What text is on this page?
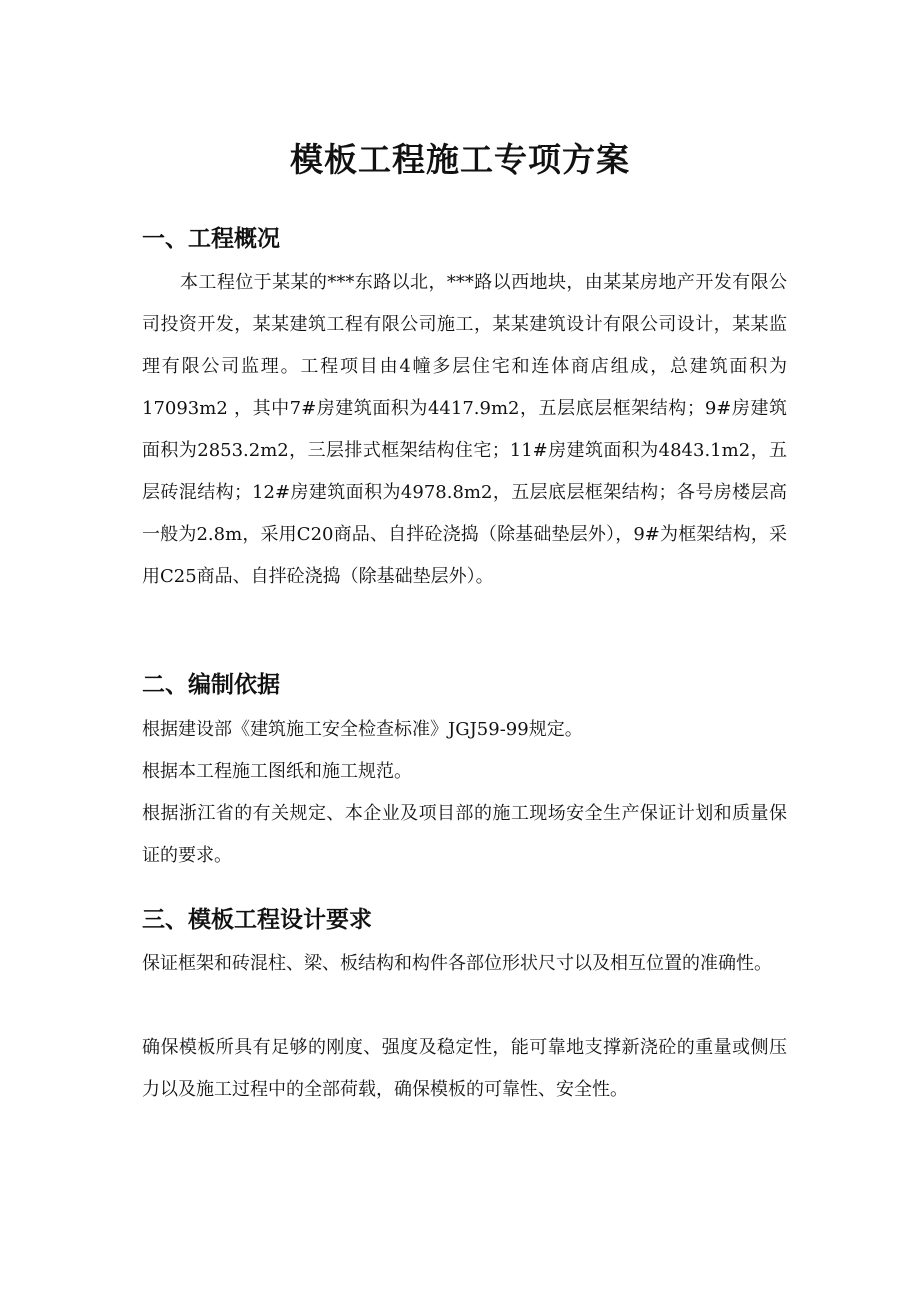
模板工程施工专项方案
一、工程概况

本工程位于某某的***东路以北，***路以西地块，由某某房地产开发有限公司投资开发，某某建筑工程有限公司施工，某某建筑设计有限公司设计，某某监理有限公司监理。工程项目由4幢多层住宅和连体商店组成，总建筑面积为17093m2 ，其中7#房建筑面积为4417.9m2，五层底层框架结构；9#房建筑面积为2853.2m2，三层排式框架结构住宅；11#房建筑面积为4843.1m2，五层砖混结构；12#房建筑面积为4978.8m2，五层底层框架结构；各号房楼层高一般为2.8m，采用C20商品、自拌砼浇捣（除基础垫层外），9#为框架结构，采用C25商品、自拌砼浇捣（除基础垫层外）。

二、编制依据

根据建设部《建筑施工安全检查标准》JGJ59-99规定。

根据本工程施工图纸和施工规范。

根据浙江省的有关规定、本企业及项目部的施工现场安全生产保证计划和质量保证的要求。

三、模板工程设计要求

保证框架和砖混柱、梁、板结构和构件各部位形状尺寸以及相互位置的准确性。

确保模板所具有足够的刚度、强度及稳定性，能可靠地支撑新浇砼的重量或侧压力以及施工过程中的全部荷载，确保模板的可靠性、安全性。
